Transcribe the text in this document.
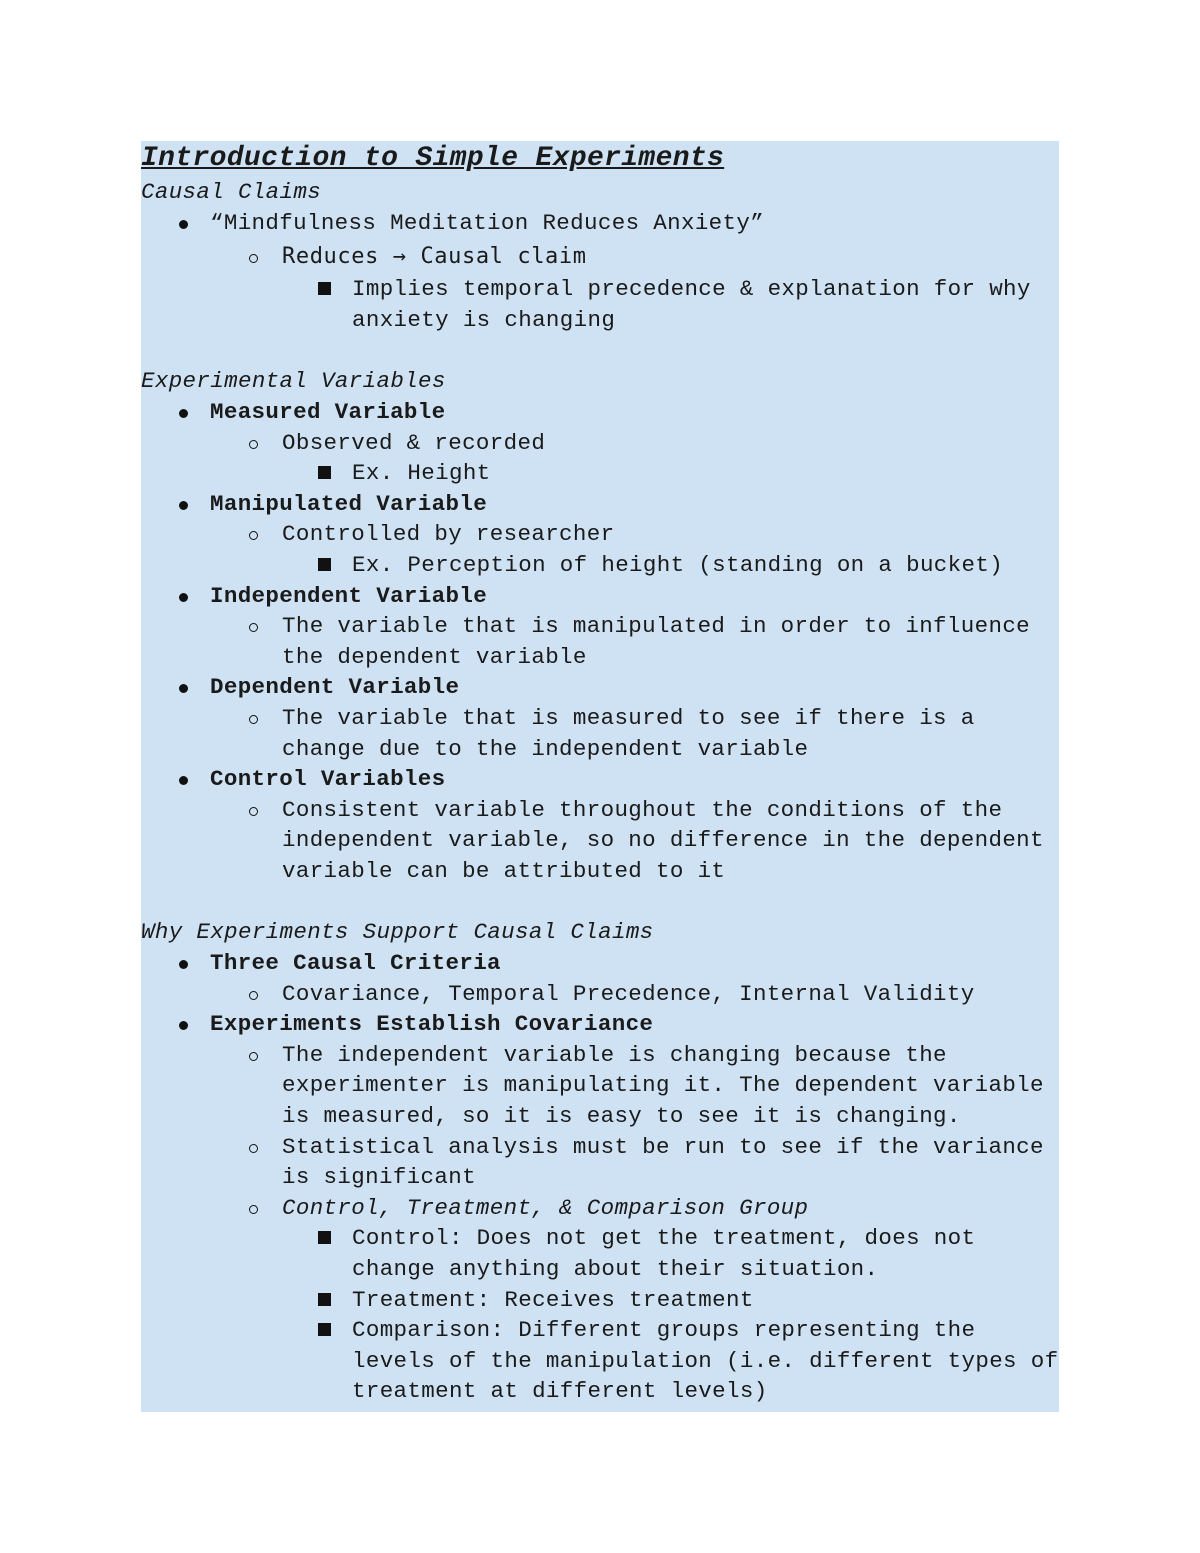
Introduction to Simple Experiments
Causal Claims
“Mindfulness Meditation Reduces Anxiety”
Reduces → Causal claim
Implies temporal precedence & explanation for why anxiety is changing
Experimental Variables
Measured Variable
Observed & recorded
Ex. Height
Manipulated Variable
Controlled by researcher
Ex. Perception of height (standing on a bucket)
Independent Variable
The variable that is manipulated in order to influence the dependent variable
Dependent Variable
The variable that is measured to see if there is a change due to the independent variable
Control Variables
Consistent variable throughout the conditions of the independent variable, so no difference in the dependent variable can be attributed to it
Why Experiments Support Causal Claims
Three Causal Criteria
Covariance, Temporal Precedence, Internal Validity
Experiments Establish Covariance
The independent variable is changing because the experimenter is manipulating it. The dependent variable is measured, so it is easy to see it is changing.
Statistical analysis must be run to see if the variance is significant
Control, Treatment, & Comparison Group
Control: Does not get the treatment, does not change anything about their situation.
Treatment: Receives treatment
Comparison: Different groups representing the levels of the manipulation (i.e. different types of treatment at different levels)
